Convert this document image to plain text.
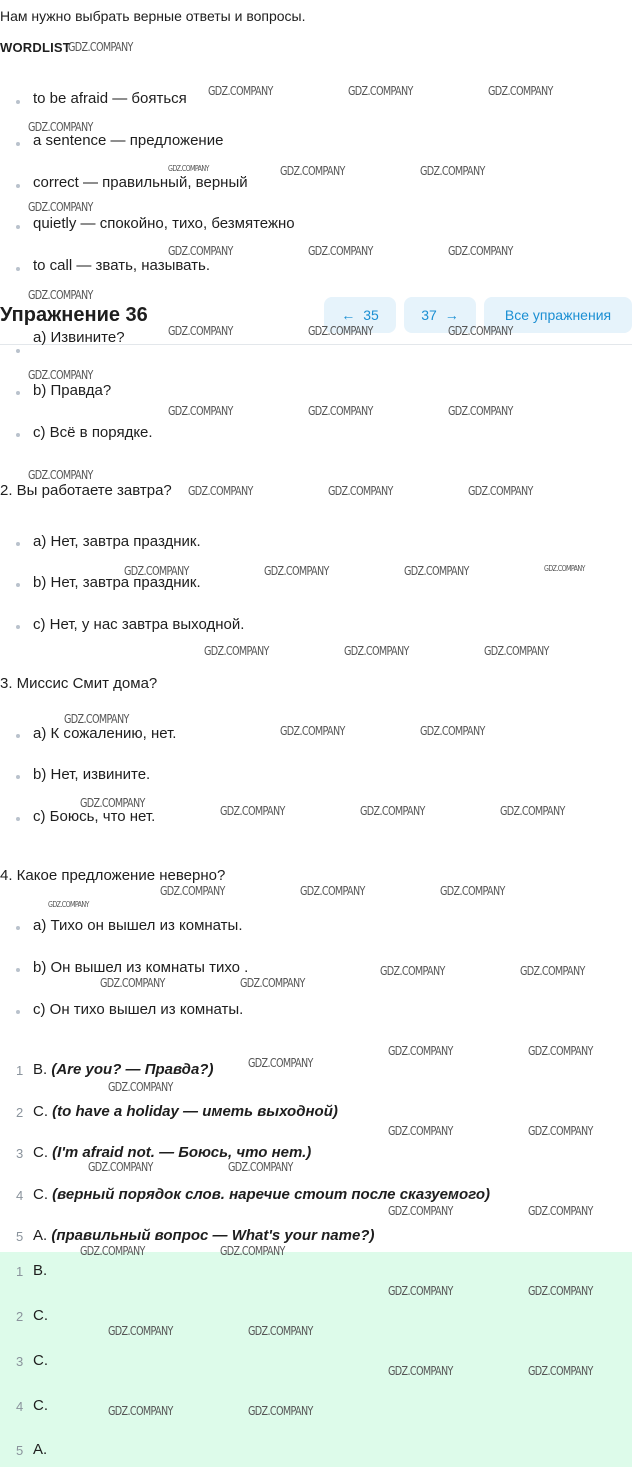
Нам нужно выбрать верные ответы и вопросы.
WORDLIST
to be afraid — бояться
a sentence — предложение
correct — правильный, верный
quietly — спокойно, тихо, безмятежно
to call — звать, называть.
Упражнение 36	← 35	37 →	Все упражнения
a) Извините?
b) Правда?
c) Всё в порядке.
2. Вы работаете завтра?
a) Нет, завтра праздник.
b) Нет, завтра праздник.
c) Нет, у нас завтра выходной.
3. Миссис Смит дома?
a) К сожалению, нет.
b) Нет, извините.
c) Боюсь, что нет.
4. Какое предложение неверно?
a) Тихо он вышел из комнаты.
b) Он вышел из комнаты тихо .
c) Он тихо вышел из комнаты.
1 B. (Are you? — Правда?)
2 C. (to have a holiday — иметь выходной)
3 C. (I'm afraid not. — Боюсь, что нет.)
4 C. (верный порядок слов. наречие стоит после сказуемого)
5 A. (правильный вопрос — What's your name?)
1 B.
2 C.
3 C.
4 C.
5 A.
GDZ.COMPANY
GDZ.COMPANY	GDZ.COMPANY	GDZ.COMPANY
GDZ.COMPANY
GDZ.COMPANY	GDZ.COMPANY	GDZ.COMPANY
GDZ.COMPANY
GDZ.COMPANY	GDZ.COMPANY	GDZ.COMPANY
GDZ.COMPANY
GDZ.COMPANY	GDZ.COMPANY	GDZ.COMPANY
GDZ.COMPANY
GDZ.COMPANY	GDZ.COMPANY	GDZ.COMPANY
GDZ.COMPANY
GDZ.COMPANY	GDZ.COMPANY	GDZ.COMPANY
GDZ.COMPANY	GDZ.COMPANY	GDZ.COMPANY	GDZ.COMPANY
GDZ.COMPANY	GDZ.COMPANY	GDZ.COMPANY
GDZ.COMPANY
GDZ.COMPANY	GDZ.COMPANY
GDZ.COMPANY
GDZ.COMPANY	GDZ.COMPANY	GDZ.COMPANY
GDZ.COMPANY	GDZ.COMPANY	GDZ.COMPANY
GDZ.COMPANY
GDZ.COMPANY	GDZ.COMPANY
GDZ.COMPANY	GDZ.COMPANY
GDZ.COMPANY	GDZ.COMPANY
GDZ.COMPANY
GDZ.COMPANY
GDZ.COMPANY	GDZ.COMPANY
GDZ.COMPANY	GDZ.COMPANY
GDZ.COMPANY	GDZ.COMPANY
GDZ.COMPANY	GDZ.COMPANY
GDZ.COMPANY	GDZ.COMPANY
GDZ.COMPANY	GDZ.COMPANY
GDZ.COMPANY	GDZ.COMPANY
GDZ.COMPANY	GDZ.COMPANY
